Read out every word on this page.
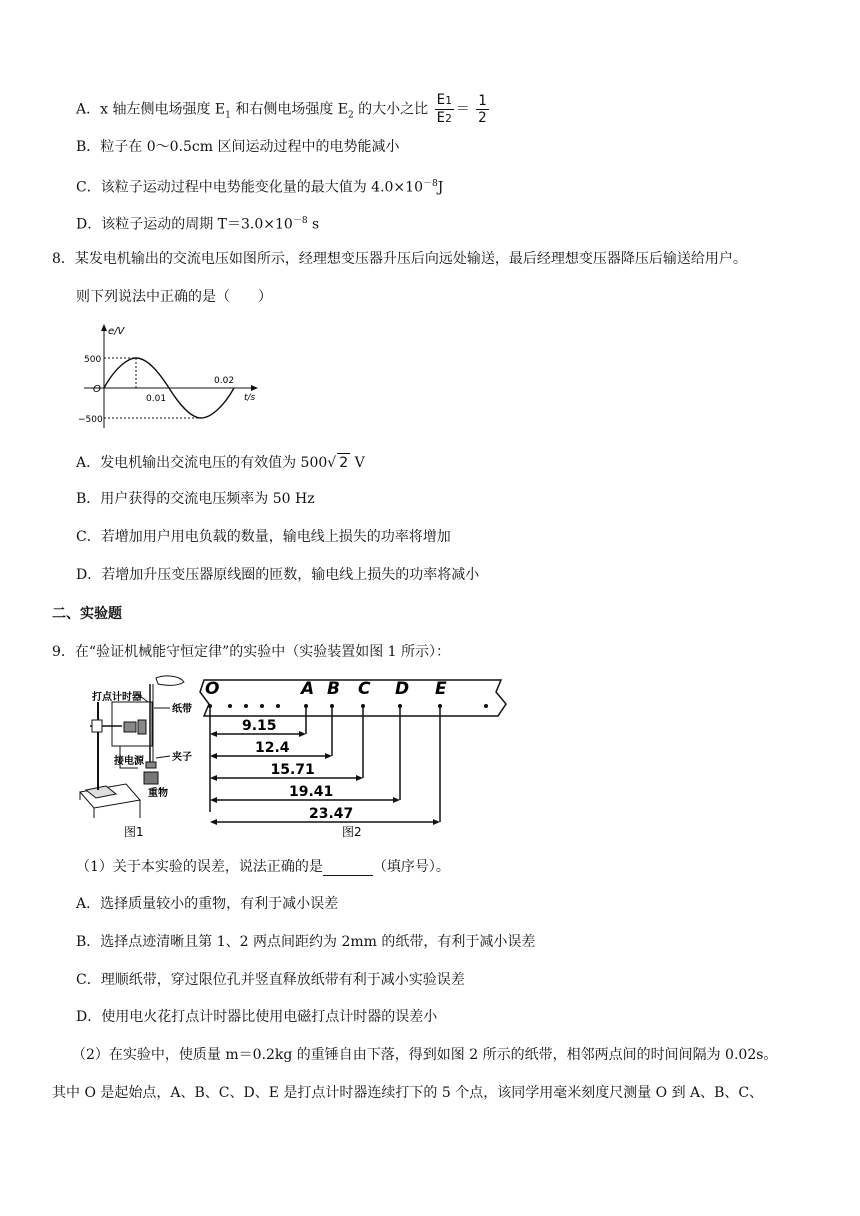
A．x 轴左侧电场强度 $E_1$ 和右侧电场强度 $E_2$ 的大小之比 $\frac{E1}{E2} = \frac{1}{2}$
B．粒子在 0～0.5cm 区间运动过程中的电势能减小
C．该粒子运动过程中电势能变化量的最大值为 $4.0\times 10^{-8}J$
D．该粒子运动的周期 $T=3.0\times 10^{-8}$ s
8．某发电机输出的交流电压如图所示，经理想变压器升压后向远处输送，最后经理想变压器降压后输送给用户。
则下列说法中正确的是（　　）
e/V
t/s
500
−500
O
0.01
0.02
A．发电机输出交流电压的有效值为 500√ 2 V
B．用户获得的交流电压频率为 50 Hz
C．若增加用户用电负载的数量，输电线上损失的功率将增加
D．若增加升压变压器原线圈的匝数，输电线上损失的功率将减小
二、实验题
9．在“验证机械能守恒定律”的实验中（实验装置如图 1 所示）：
打点计时器
纸带
夹子
接电源
重物
图1
O	A B C D E
9.15
12.4
15.71
19.41
23.47
图2
（1）关于本实验的误差，说法正确的是	（填序号）。
A．选择质量较小的重物，有利于减小误差
B．选择点迹清晰且第 1、2 两点间距约为 2mm 的纸带，有利于减小误差
C．理顺纸带，穿过限位孔并竖直释放纸带有利于减小实验误差
D．使用电火花打点计时器比使用电磁打点计时器的误差小
（2）在实验中，使质量 m＝0.2kg 的重锤自由下落，得到如图 2 所示的纸带，相邻两点间的时间间隔为 0.02s。
其中 O 是起始点，A、B、C、D、E 是打点计时器连续打下的 5 个点，该同学用毫米刻度尺测量 O 到 A、B、C、
